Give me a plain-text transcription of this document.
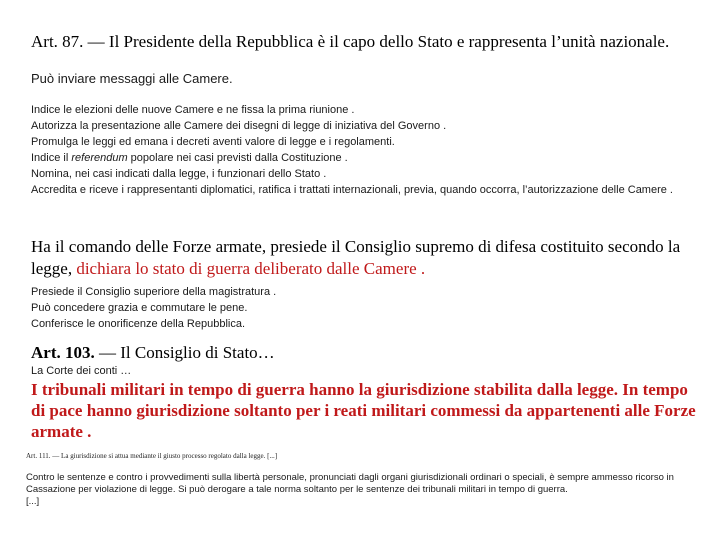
Art. 87. — Il Presidente della Repubblica è il capo dello Stato e rappresenta l’unità nazionale.
Può inviare messaggi alle Camere.
Indice le elezioni delle nuove Camere e ne fissa la prima riunione .
Autorizza la presentazione alle Camere dei disegni di legge di iniziativa del Governo .
Promulga le leggi ed emana i decreti aventi valore di legge e i regolamenti.
Indice il referendum popolare nei casi previsti dalla Costituzione .
Nomina, nei casi indicati dalla legge, i funzionari dello Stato .
Accredita e riceve i rappresentanti diplomatici, ratifica i trattati internazionali, previa, quando occorra, l’autorizzazione delle Camere .
Ha il comando delle Forze armate, presiede il Consiglio supremo di difesa costituito secondo la legge, dichiara lo stato di guerra deliberato dalle Camere .
Presiede il Consiglio superiore della magistratura .
Può concedere grazia e commutare le pene.
Conferisce le onorificenze della Repubblica.
Art. 103. — Il Consiglio di Stato…
La Corte dei conti …
I tribunali militari in tempo di guerra hanno la giurisdizione stabilita dalla legge. In tempo di pace hanno giurisdizione soltanto per i reati militari commessi da appartenenti alle Forze armate .
Art. 111. — La giurisdizione si attua mediante il giusto processo regolato dalla legge. [...]
Contro le sentenze e contro i provvedimenti sulla libertà personale, pronunciati dagli organi giurisdizionali ordinari o speciali, è sempre ammesso ricorso in Cassazione per violazione di legge. Si può derogare a tale norma soltanto per le sentenze dei tribunali militari in tempo di guerra.
[...]
